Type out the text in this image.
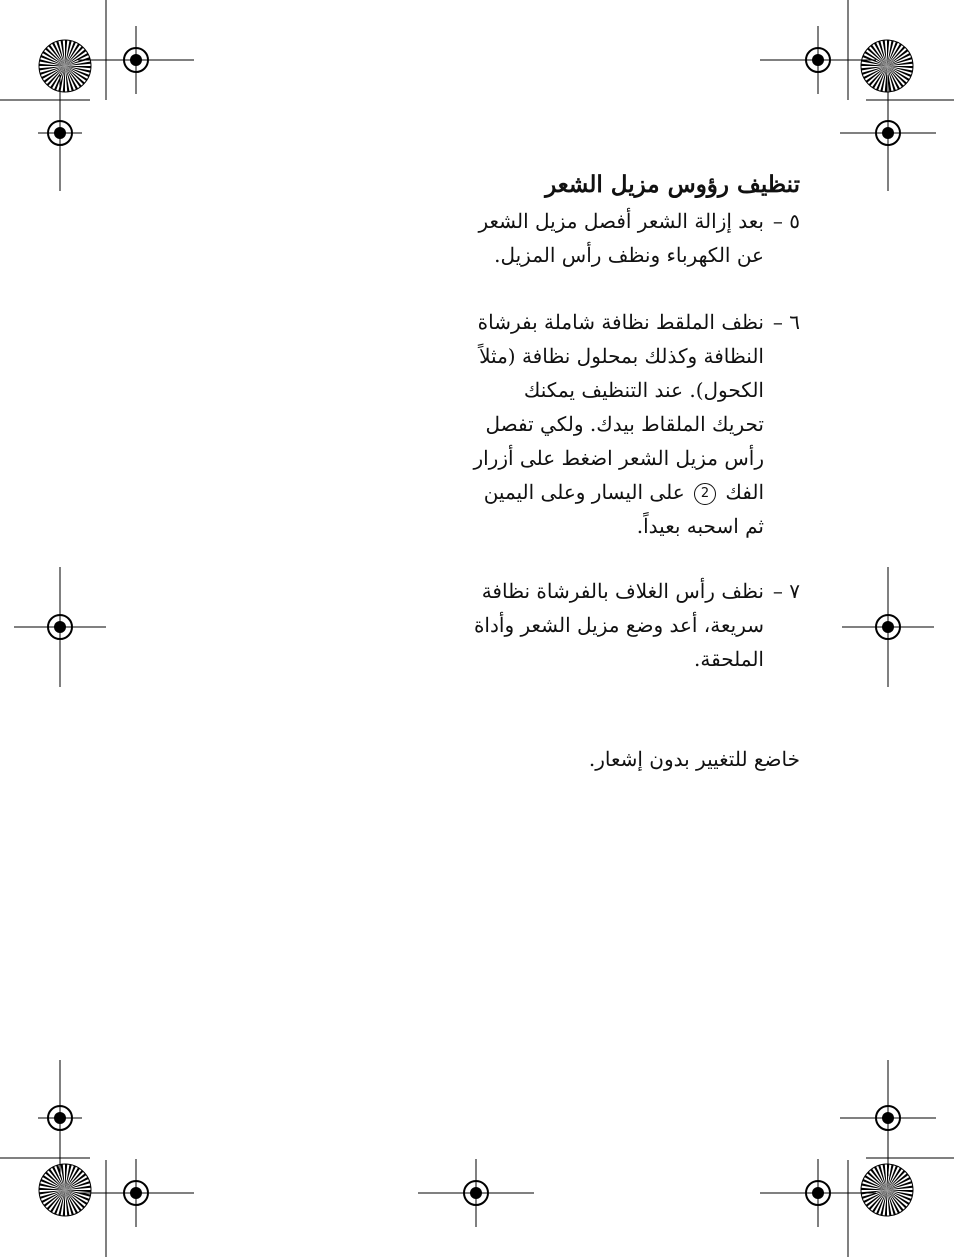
تنظيف رؤوس مزيل الشعر
٥ –
بعد إزالة الشعر أفصل مزيل الشعر عن الكهرباء ونظف رأس المزيل.
٦ –
نظف الملقط نظافة شاملة بفرشاة النظافة وكذلك بمحلول نظافة (مثلاً الكحول). عند التنظيف يمكنك تحريك الملقاط بيدك. ولكي تفصل رأس مزيل الشعر اضغط على أزرار الفك 2 على اليسار وعلى اليمين ثم اسحبه بعيداً.
٧ –
نظف رأس الغلاف بالفرشاة نظافة سريعة، أعد وضع مزيل الشعر وأداة الملحقة.
خاضع للتغيير بدون إشعار.
